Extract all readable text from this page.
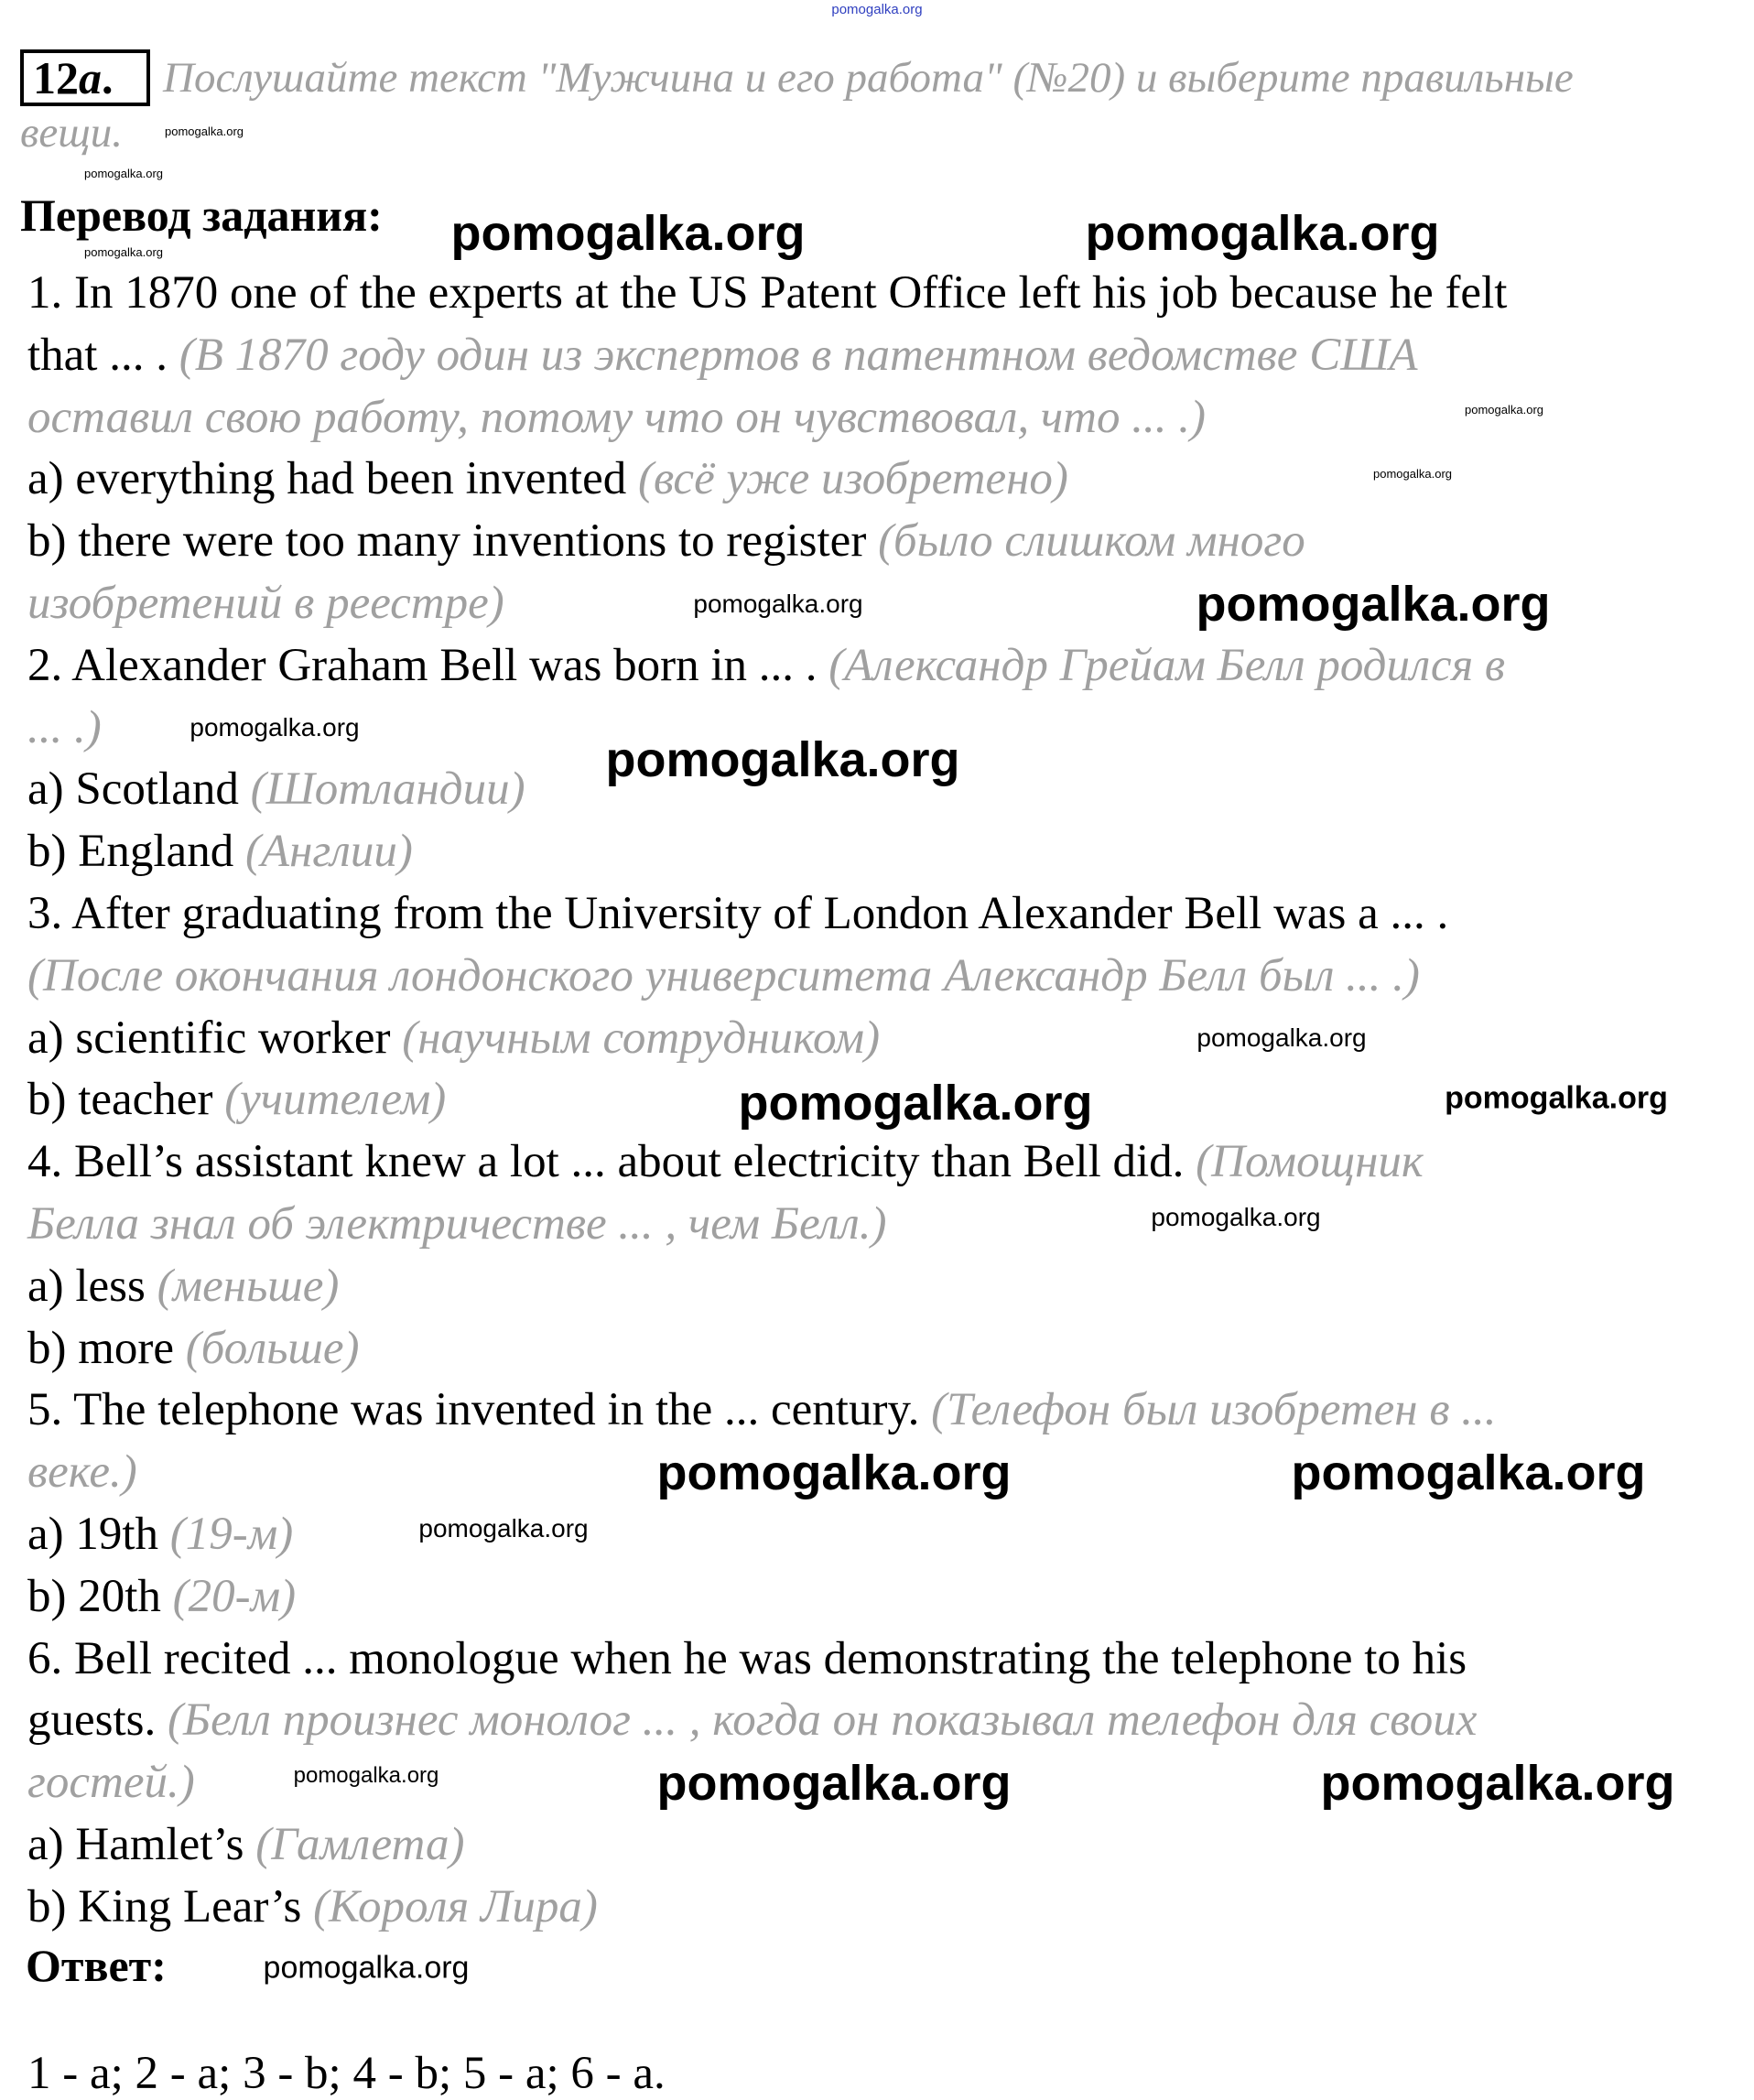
pomogalka.org
12a.	Послушайте текст "Мужчина и его работа" (№20) и выберите правильные
вещи.
Перевод задания:
1. In 1870 one of the experts at the US Patent Office left his job because he felt
that ... . (В 1870 году один из экспертов в патентном ведомстве США
оставил свою работу, потому что он чувствовал, что ... .)
a) everything had been invented (всё уже изобретено)
b) there were too many inventions to register (было слишком много
изобретений в реестре)
2. Alexander Graham Bell was born in ... . (Александр Грейам Белл родился в
... .)
a) Scotland (Шотландии)
b) England (Англии)
3. After graduating from the University of London Alexander Bell was a ... .
(После окончания лондонского университета Александр Белл был ... .)
a) scientific worker (научным сотрудником)
b) teacher (учителем)
4. Bell’s assistant knew a lot ... about electricity than Bell did. (Помощник
Белла знал об электричестве ... , чем Белл.)
a) less (меньше)
b) more (больше)
5. The telephone was invented in the ... century. (Телефон был изобретен в ...
веке.)
a) 19th (19-м)
b) 20th (20-м)
6. Bell recited ... monologue when he was demonstrating the telephone to his
guests. (Белл произнес монолог ... , когда он показывал телефон для своих
гостей.)
a) Hamlet’s (Гамлета)
b) King Lear’s (Короля Лира)
Ответ:
1 - a; 2 - a; 3 - b; 4 - b; 5 - a; 6 - a.
pomogalka.org
pomogalka.org
pomogalka.org
pomogalka.org
pomogalka.org
pomogalka.org
pomogalka.org
pomogalka.org
pomogalka.org
pomogalka.org
pomogalka.org
pomogalka.org
pomogalka.org
pomogalka.org	pomogalka.org
pomogalka.org
pomogalka.org
pomogalka.org
pomogalka.org	pomogalka.org
pomogalka.org	pomogalka.org
